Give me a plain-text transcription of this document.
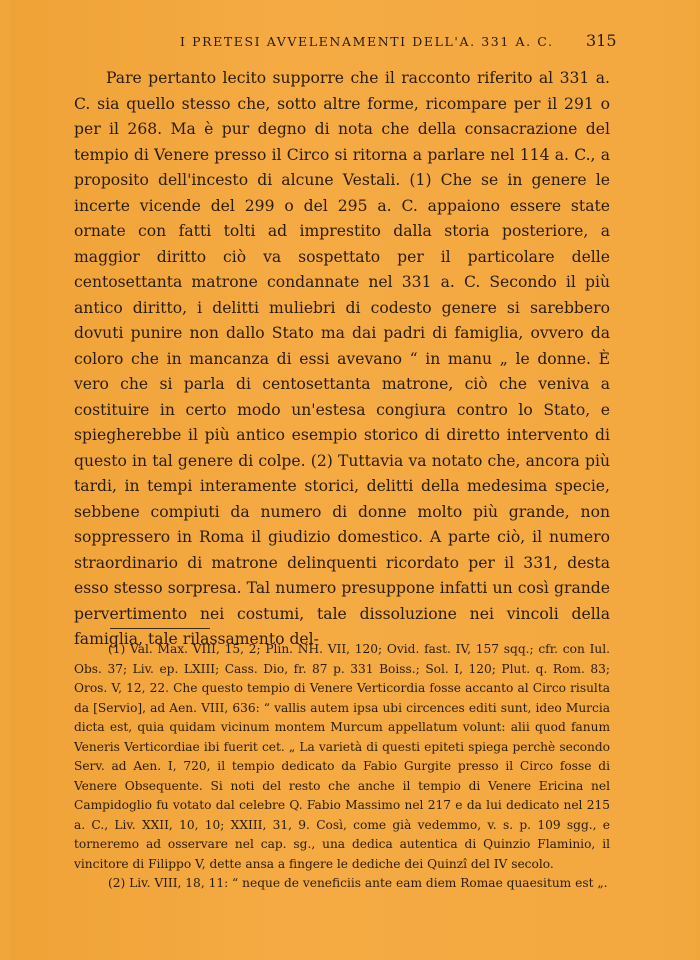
I PRETESI AVVELENAMENTI DELL'A. 331 A. C. 315

Pare pertanto lecito supporre che il racconto riferito al 331 a. C. sia quello stesso che, sotto altre forme, ricompare per il 291 o per il 268. Ma è pur degno di nota che della consacrazione del tempio di Venere presso il Circo si ritorna a parlare nel 114 a. C., a proposito dell'incesto di alcune Vestali. (1) Che se in genere le incerte vicende del 299 o del 295 a. C. appaiono essere state ornate con fatti tolti ad imprestito dalla storia posteriore, a maggior diritto ciò va sospettato per il particolare delle centosettanta matrone condannate nel 331 a. C. Secondo il più antico diritto, i delitti muliebri di codesto genere si sarebbero dovuti punire non dallo Stato ma dai padri di famiglia, ovvero da coloro che in mancanza di essi avevano “ in manu „ le donne. È vero che si parla di centosettanta matrone, ciò che veniva a costituire in certo modo un'estesa congiura contro lo Stato, e spiegherebbe il più antico esempio storico di diretto intervento di questo in tal genere di colpe. (2) Tuttavia va notato che, ancora più tardi, in tempi interamente storici, delitti della medesima specie, sebbene compiuti da numero di donne molto più grande, non soppressero in Roma il giudizio domestico. A parte ciò, il numero straordinario di matrone delinquenti ricordato per il 331, desta esso stesso sorpresa. Tal numero presuppone infatti un così grande pervertimento nei costumi, tale dissoluzione nei vincoli della famiglia, tale rilassamento del-

(1) Val. Max. VIII, 15, 2; Plin. NH. VII, 120; Ovid. fast. IV, 157 sqq.; cfr. con Iul. Obs. 37; Liv. ep. LXIII; Cass. Dio, fr. 87 p. 331 Boiss.; Sol. I, 120; Plut. q. Rom. 83; Oros. V, 12, 22. Che questo tempio di Venere Verticordia fosse accanto al Circo risulta da [Servio], ad Aen. VIII, 636: “ vallis autem ipsa ubi circences editi sunt, ideo Murcia dicta est, quia quidam vicinum montem Murcum appellatum volunt: alii quod fanum Veneris Verticordiae ibi fuerit cet. „ La varietà di questi epiteti spiega perchè secondo Serv. ad Aen. I, 720, il tempio dedicato da Fabio Gurgite presso il Circo fosse di Venere Obsequente. Si noti del resto che anche il tempio di Venere Ericina nel Campidoglio fu votato dal celebre Q. Fabio Massimo nel 217 e da lui dedicato nel 215 a. C., Liv. XXII, 10, 10; XXIII, 31, 9. Così, come già vedemmo, v. s. p. 109 sgg., e torneremo ad osservare nel cap. sg., una dedica autentica di Quinzio Flaminio, il vincitore di Filippo V, dette ansa a fingere le dediche dei Quinzî del IV secolo.

(2) Liv. VIII, 18, 11: “ neque de veneficiis ante eam diem Romae quaesitum est „.
